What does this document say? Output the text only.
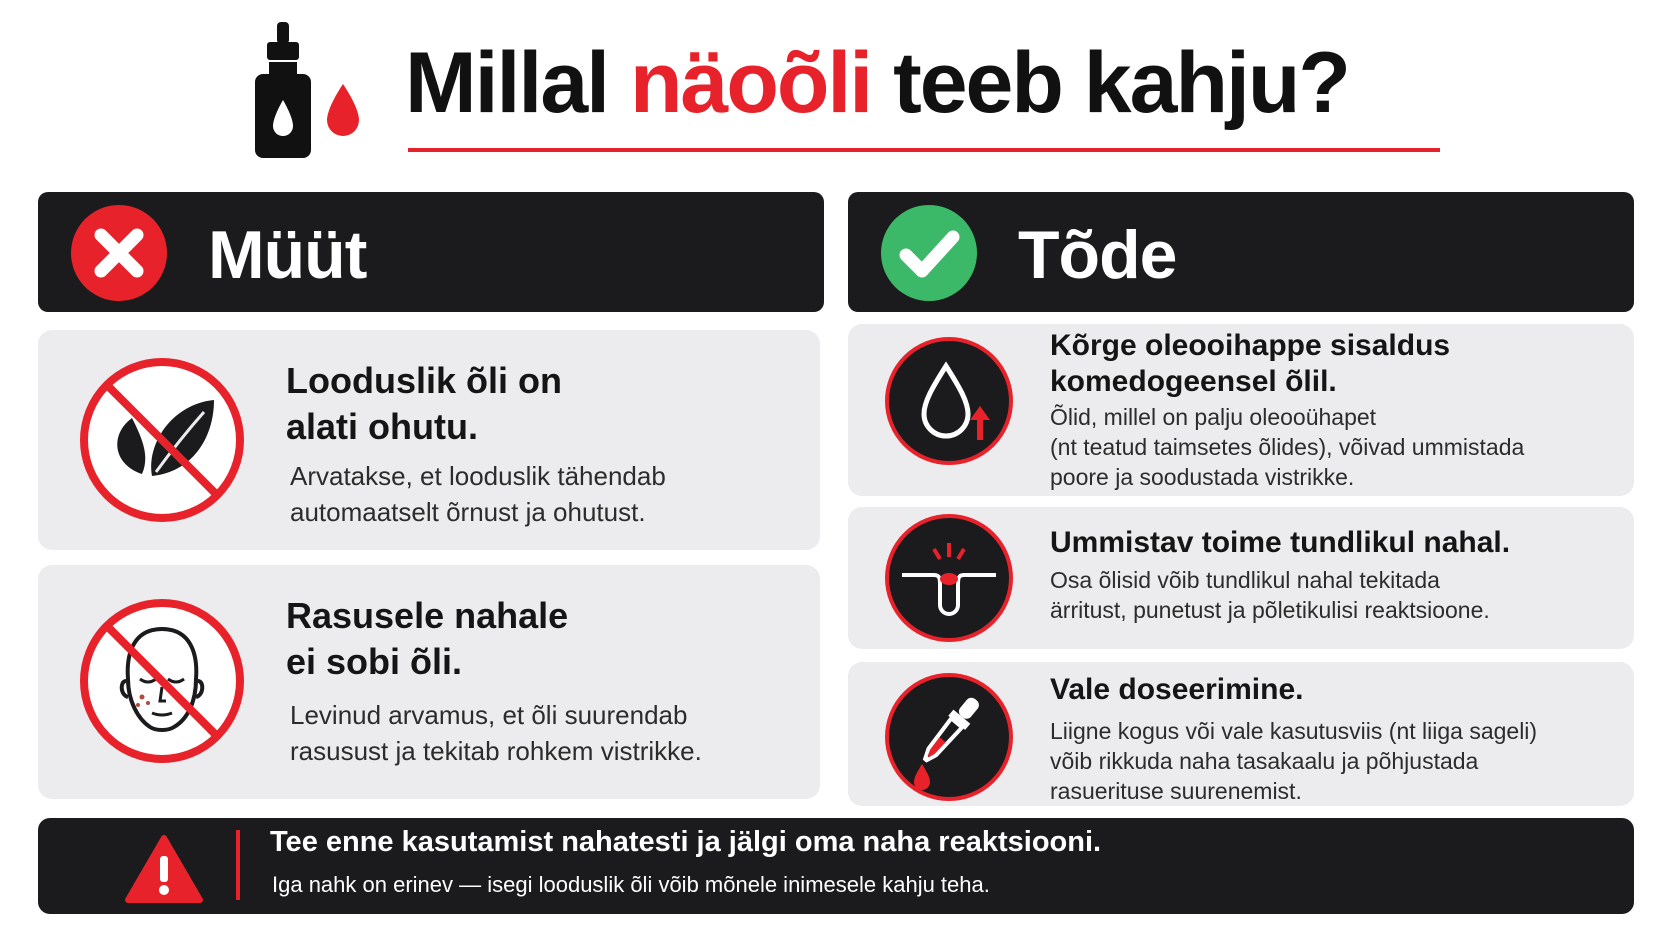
Millal näoõli teeb kahju?
Müüt	Tõde
Looduslik õli on
alati ohutu.
Arvatakse, et looduslik tähendab
automaatselt õrnust ja ohutust.
Rasusele nahale
ei sobi õli.
Levinud arvamus, et õli suurendab
rasusust ja tekitab rohkem vistrikke.
Kõrge oleooihappe sisaldus
komedogeensel õlil.
Õlid, millel on palju oleooühapet
(nt teatud taimsetes õlides), võivad ummistada
poore ja soodustada vistrikke.
Ummistav toime tundlikul nahal.
Osa õlisid võib tundlikul nahal tekitada
ärritust, punetust ja põletikulisi reaktsioone.
Vale doseerimine.
Liigne kogus või vale kasutusviis (nt liiga sageli)
võib rikkuda naha tasakaalu ja põhjustada
rasuerituse suurenemist.
Tee enne kasutamist nahatesti ja jälgi oma naha reaktsiooni.
Iga nahk on erinev — isegi looduslik õli võib mõnele inimesele kahju teha.
